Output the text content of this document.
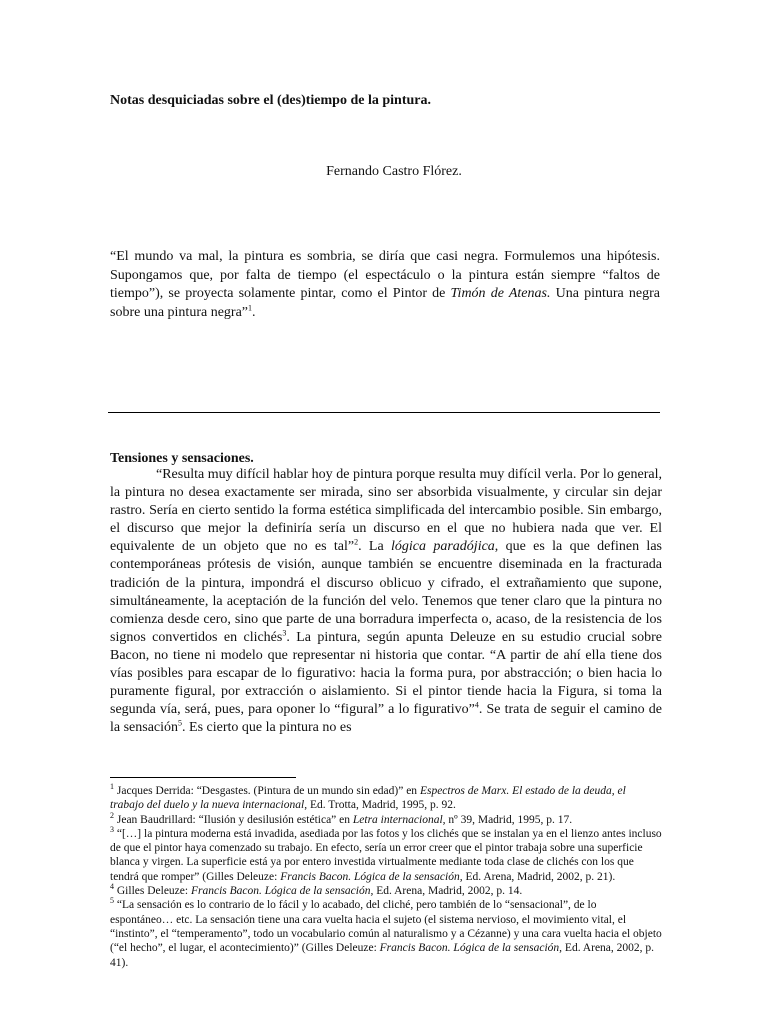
Notas desquiciadas sobre el (des)tiempo de la pintura.
Fernando Castro Flórez.
“El mundo va mal, la pintura es sombria, se diría que casi negra. Formulemos una hipótesis. Supongamos que, por falta de tiempo (el espectáculo o la pintura están siempre “faltos de tiempo”), se proyecta solamente pintar, como el Pintor de Timón de Atenas. Una pintura negra sobre una pintura negra”$^1$.
Tensiones y sensaciones.
“Resulta muy difícil hablar hoy de pintura porque resulta muy difícil verla. Por lo general, la pintura no desea exactamente ser mirada, sino ser absorbida visualmente, y circular sin dejar rastro. Sería en cierto sentido la forma estética simplificada del intercambio posible. Sin embargo, el discurso que mejor la definiría sería un discurso en el que no hubiera nada que ver. El equivalente de un objeto que no es tal”$^2$. La lógica paradójica, que es la que definen las contemporáneas prótesis de visión, aunque también se encuentre diseminada en la fracturada tradición de la pintura, impondrá el discurso oblicuo y cifrado, el extrañamiento que supone, simultáneamente, la aceptación de la función del velo. Tenemos que tener claro que la pintura no comienza desde cero, sino que parte de una borradura imperfecta o, acaso, de la resistencia de los signos convertidos en clichés$^3$. La pintura, según apunta Deleuze en su estudio crucial sobre Bacon, no tiene ni modelo que representar ni historia que contar. “A partir de ahí ella tiene dos vías posibles para escapar de lo figurativo: hacia la forma pura, por abstracción; o bien hacia lo puramente figural, por extracción o aislamiento. Si el pintor tiende hacia la Figura, si toma la segunda vía, será, pues, para oponer lo “figural” a lo figurativo”$^4$. Se trata de seguir el camino de la sensación$^5$. Es cierto que la pintura no es

$^1$ Jacques Derrida: “Desgastes. (Pintura de un mundo sin edad)” en Espectros de Marx. El estado de la deuda, el trabajo del duelo y la nueva internacional, Ed. Trotta, Madrid, 1995, p. 92.

$^2$ Jean Baudrillard: “Ilusión y desilusión estética” en Letra internacional, nº 39, Madrid, 1995, p. 17.

$^3$ “[…] la pintura moderna está invadida, asediada por las fotos y los clichés que se instalan ya en el lienzo antes incluso de que el pintor haya comenzado su trabajo. En efecto, sería un error creer que el pintor trabaja sobre una superficie blanca y virgen. La superficie está ya por entero investida virtualmente mediante toda clase de clichés con los que tendrá que romper” (Gilles Deleuze: Francis Bacon. Lógica de la sensación, Ed. Arena, Madrid, 2002, p. 21).

$^4$ Gilles Deleuze: Francis Bacon. Lógica de la sensación, Ed. Arena, Madrid, 2002, p. 14.

$^5$ “La sensación es lo contrario de lo fácil y lo acabado, del cliché, pero también de lo “sensacional”, de lo espontáneo… etc. La sensación tiene una cara vuelta hacia el sujeto (el sistema nervioso, el movimiento vital, el “instinto”, el “temperamento”, todo un vocabulario común al naturalismo y a Cézanne) y una cara vuelta hacia el objeto (“el hecho”, el lugar, el acontecimiento)” (Gilles Deleuze: Francis Bacon. Lógica de la sensación, Ed. Arena, 2002, p. 41).
